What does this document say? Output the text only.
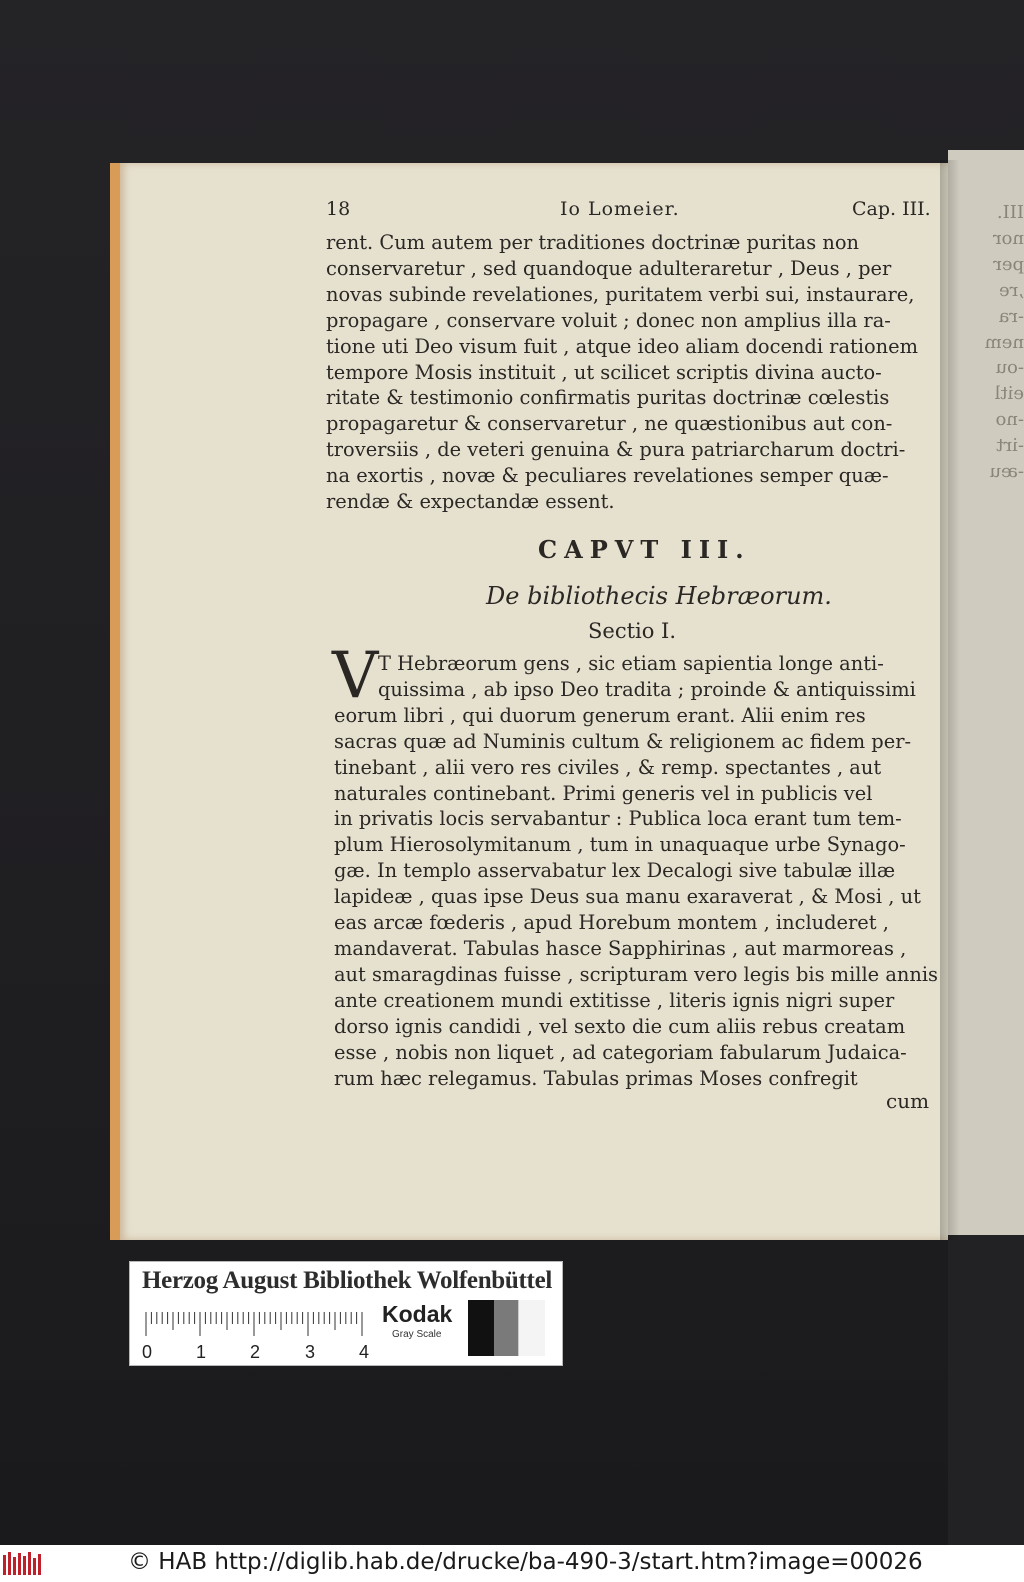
III.
nor
per
,re
-ra
nem
-ou
eitl
-no
-irt
-æu
18	Io Lomeier.	Cap. III.
rent. Cum autem per traditiones doctrinæ puritas non
conservaretur , sed quandoque adulteraretur , Deus , per
novas subinde revelationes, puritatem verbi sui, instaurare,
propagare , conservare voluit ; donec non amplius illa ra-
tione uti Deo visum fuit , atque ideo aliam docendi rationem
tempore Mosis instituit , ut scilicet scriptis divina aucto-
ritate & testimonio confirmatis puritas doctrinæ cœlestis
propagaretur & conservaretur , ne quæstionibus aut con-
troversiis , de veteri genuina & pura patriarcharum doctri-
na exortis , novæ & peculiares revelationes semper quæ-
rendæ & expectandæ essent.
CAPVT III.
De bibliothecis Hebræorum.
Sectio I.
V T Hebræorum gens , sic etiam sapientia longe anti-
quissima , ab ipso Deo tradita ; proinde & antiquissimi
eorum libri , qui duorum generum erant. Alii enim res
sacras quæ ad Numinis cultum & religionem ac fidem per-
tinebant , alii vero res civiles , & remp. spectantes , aut
naturales continebant. Primi generis vel in publicis vel
in privatis locis servabantur : Publica loca erant tum tem-
plum Hierosolymitanum , tum in unaquaque urbe Synago-
gæ. In templo asservabatur lex Decalogi sive tabulæ illæ
lapideæ , quas ipse Deus sua manu exaraverat , & Mosi , ut
eas arcæ fœderis , apud Horebum montem , includeret ,
mandaverat. Tabulas hasce Sapphirinas , aut marmoreas ,
aut smaragdinas fuisse , scripturam vero legis bis mille annis
ante creationem mundi extitisse , literis ignis nigri super
dorso ignis candidi , vel sexto die cum aliis rebus creatam
esse , nobis non liquet , ad categoriam fabularum Judaica-
rum hæc relegamus. Tabulas primas Moses confregit
cum
Herzog August Bibliothek Wolfenbüttel
0 1 2 3 4
Kodak
Gray Scale
© HAB http://diglib.hab.de/drucke/ba-490-3/start.htm?image=00026
